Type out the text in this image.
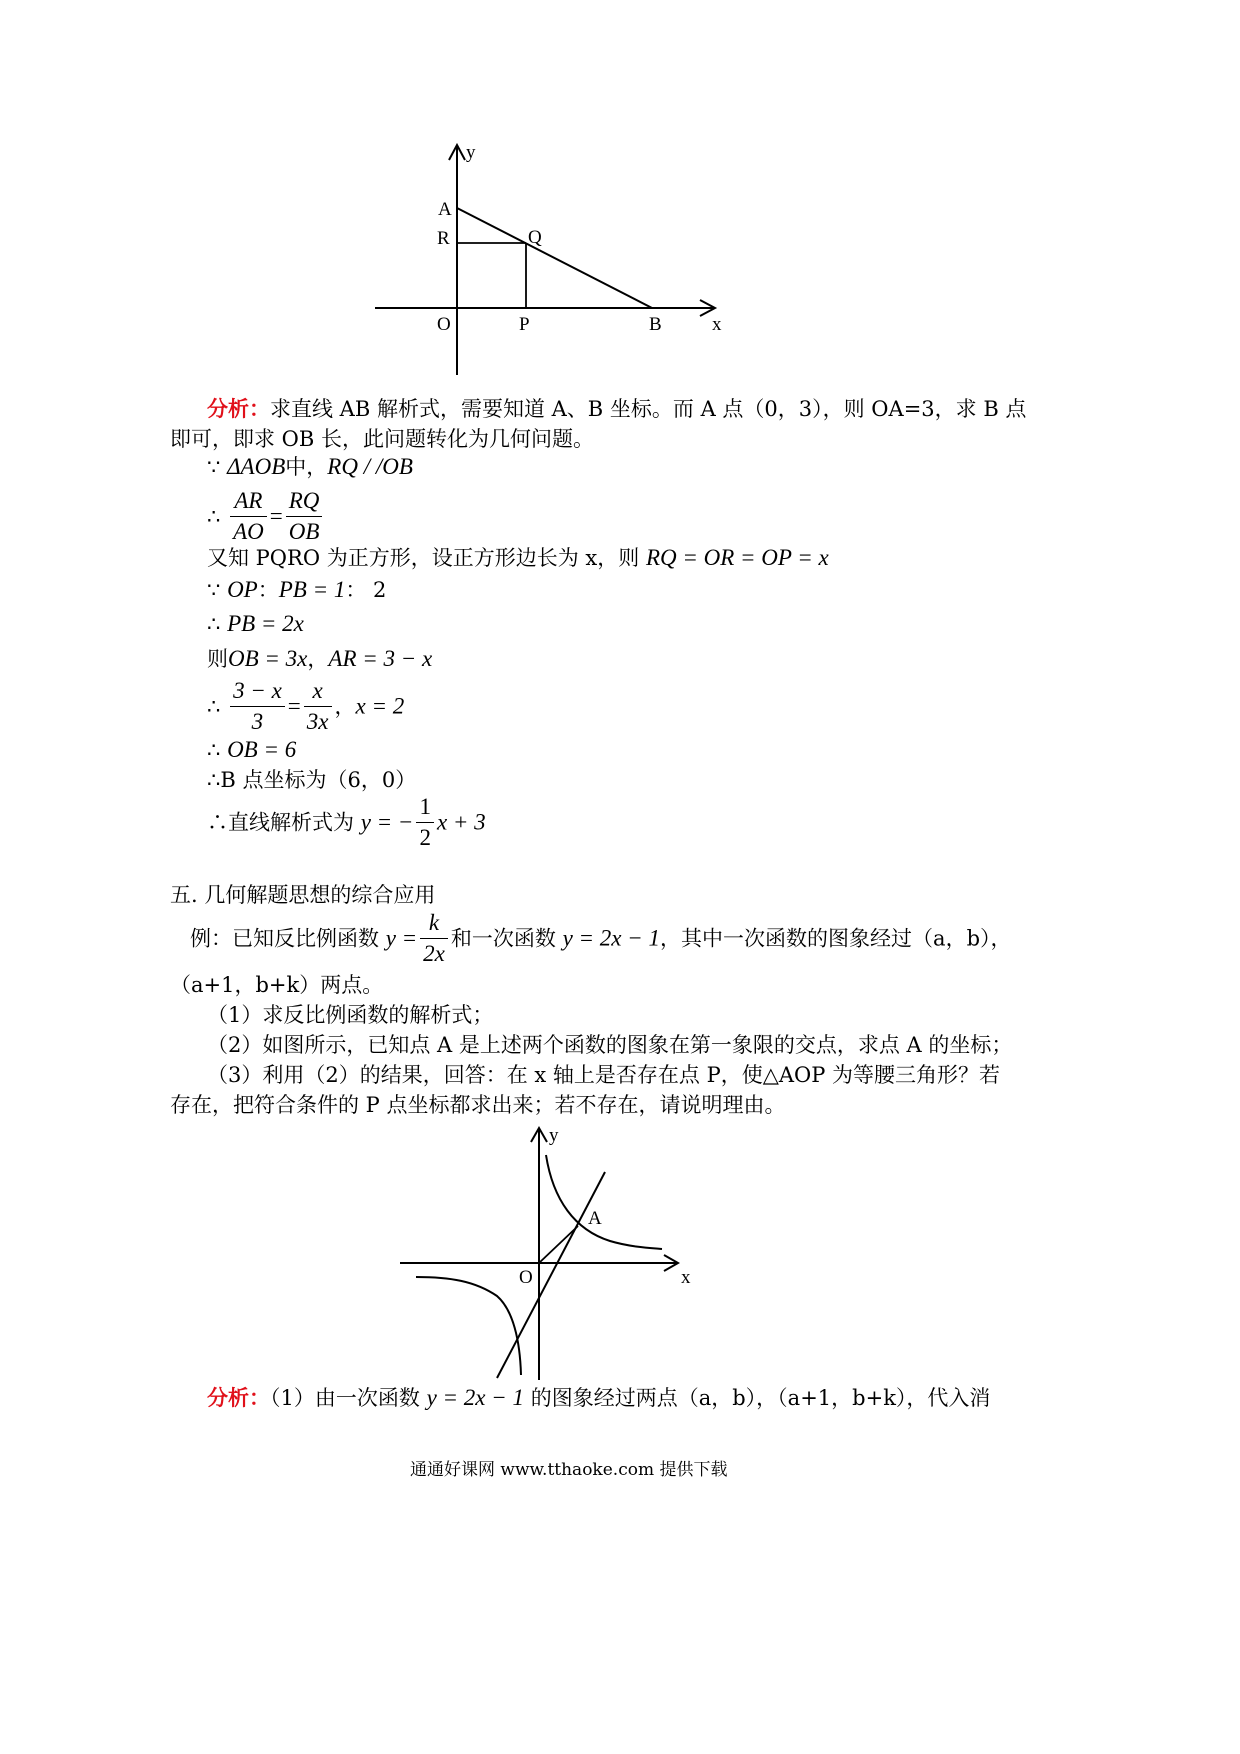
y
A
R	Q
O	P	B	x
分析：求直线 AB 解析式，需要知道 A、B 坐标。而 A 点（0，3），则 OA=3，求 B 点
即可，即求 OB 长，此问题转化为几何问题。
∵ ΔAOB中，RQ / /OB
∴ $\frac{AR}{AO} = \frac{RQ}{OB}$
又知 PQRO 为正方形，设正方形边长为 x，则 RQ = OR = OP = x
∵ OP：PB = 1： 2
∴ PB = 2x
则OB = 3x，AR = 3 − x
∴ $\frac{3 - x}{3} = \frac{x}{3x}$ ，x = 2
∴ OB = 6
∴B 点坐标为（6，0）
∴直线解析式为 y = − $\frac{1}{2}$ x + 3
五. 几何解题思想的综合应用
例：已知反比例函数 $y = \frac{k}{2x}$ 和一次函数 y = 2x − 1，其中一次函数的图象经过（a，b），
（a+1，b+k）两点。
（1）求反比例函数的解析式；
（2）如图所示，已知点 A 是上述两个函数的图象在第一象限的交点，求点 A 的坐标；
（3）利用（2）的结果，回答：在 x 轴上是否存在点 P，使△AOP 为等腰三角形？若
存在，把符合条件的 P 点坐标都求出来；若不存在，请说明理由。
y
A
O	x
分析：（1）由一次函数 y = 2x − 1 的图象经过两点（a，b），（a+1，b+k），代入消
通通好课网 www.tthaoke.com 提供下载
